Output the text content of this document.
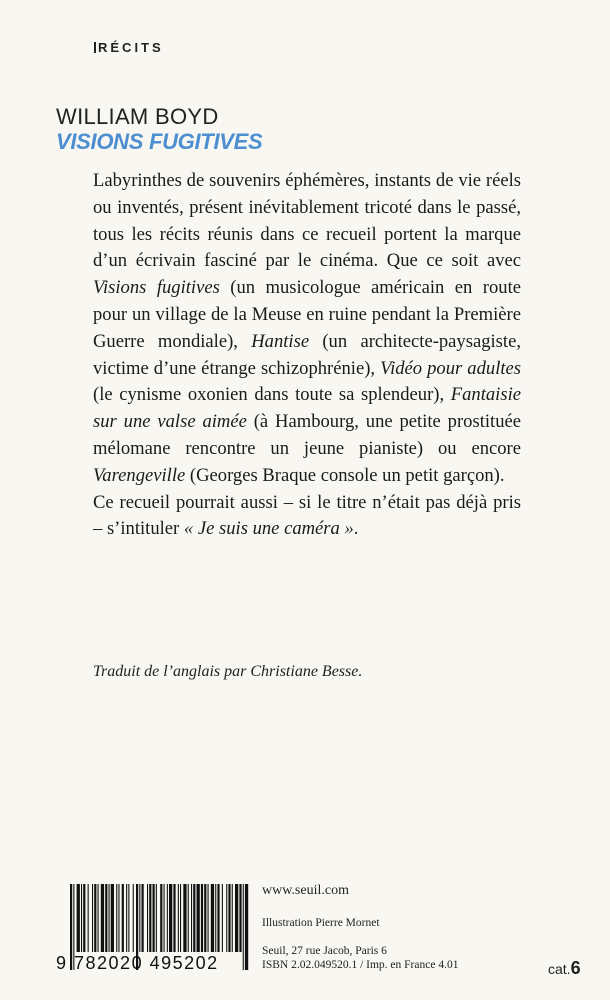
RÉCITS
WILLIAM BOYD
VISIONS FUGITIVES

Labyrinthes de souvenirs éphémères, instants de vie réels ou inventés, présent inévitablement tricoté dans le passé, tous les récits réunis dans ce recueil portent la marque d’un écrivain fasciné par le cinéma. Que ce soit avec Visions fugitives (un musicologue américain en route pour un village de la Meuse en ruine pendant la Première Guerre mondiale), Hantise (un architecte-paysagiste, victime d’une étrange schizophrénie), Vidéo pour adultes (le cynisme oxonien dans toute sa splendeur), Fantaisie sur une valse aimée (à Hambourg, une petite prostituée mélomane rencontre un jeune pianiste) ou encore Varengeville (Georges Braque console un petit garçon).

Ce recueil pourrait aussi – si le titre n’était pas déjà pris – s’intituler « Je suis une caméra ».

Traduit de l’anglais par Christiane Besse.
9 782020 495202
www.seuil.com
Illustration Pierre Mornet
Seuil, 27 rue Jacob, Paris 6
ISBN 2.02.049520.1 / Imp. en France 4.01	cat.6
